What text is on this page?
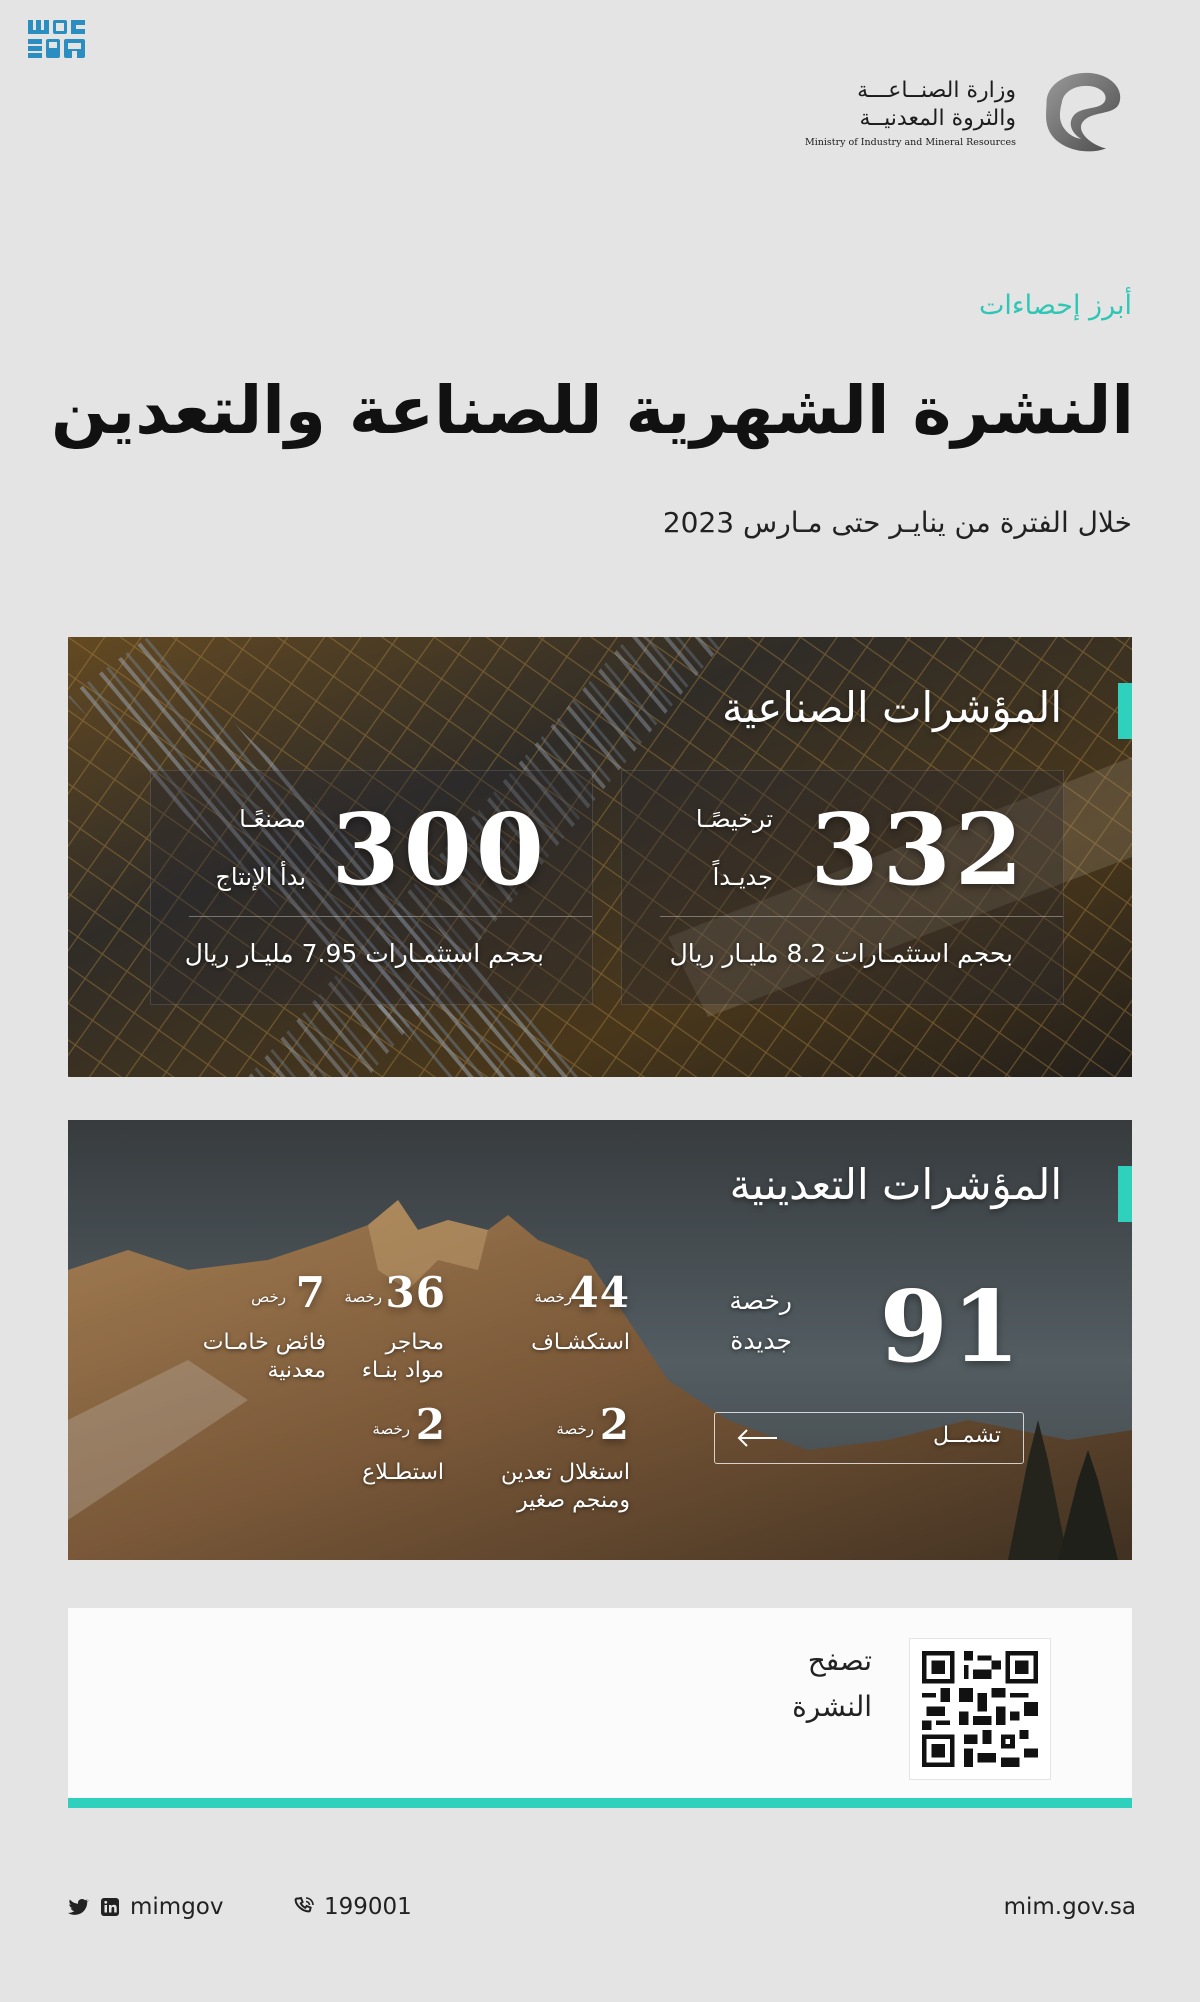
وزارة الصنــاعـــة
والثروة المعدنيــة
Ministry of Industry and Mineral Resources
أبرز إحصاءات
النشرة الشهرية للصناعة والتعدين
خلال الفترة من ينايـر حتى مـارس 2023
المؤشرات الصناعية
332
ترخيصًـا
جديـداً
بحجم استثمـارات 8.2 مليـار ريال
300
مصنعًـا
بدأ الإنتاج
بحجم استثمـارات 7.95 مليـار ريال
المؤشرات التعدينية
91
رخصة
جديدة
تشمــل
44
رخصة
استكشـاف
36
رخصة
محاجر
مواد بنـاء
7
رخص
فائض خامـات
معدنية
2
رخصة
استغلال تعدين
ومنجم صغير
2
رخصة
استطـلاع
تصفح
النشرة
mimgov	199001	mim.gov.sa
